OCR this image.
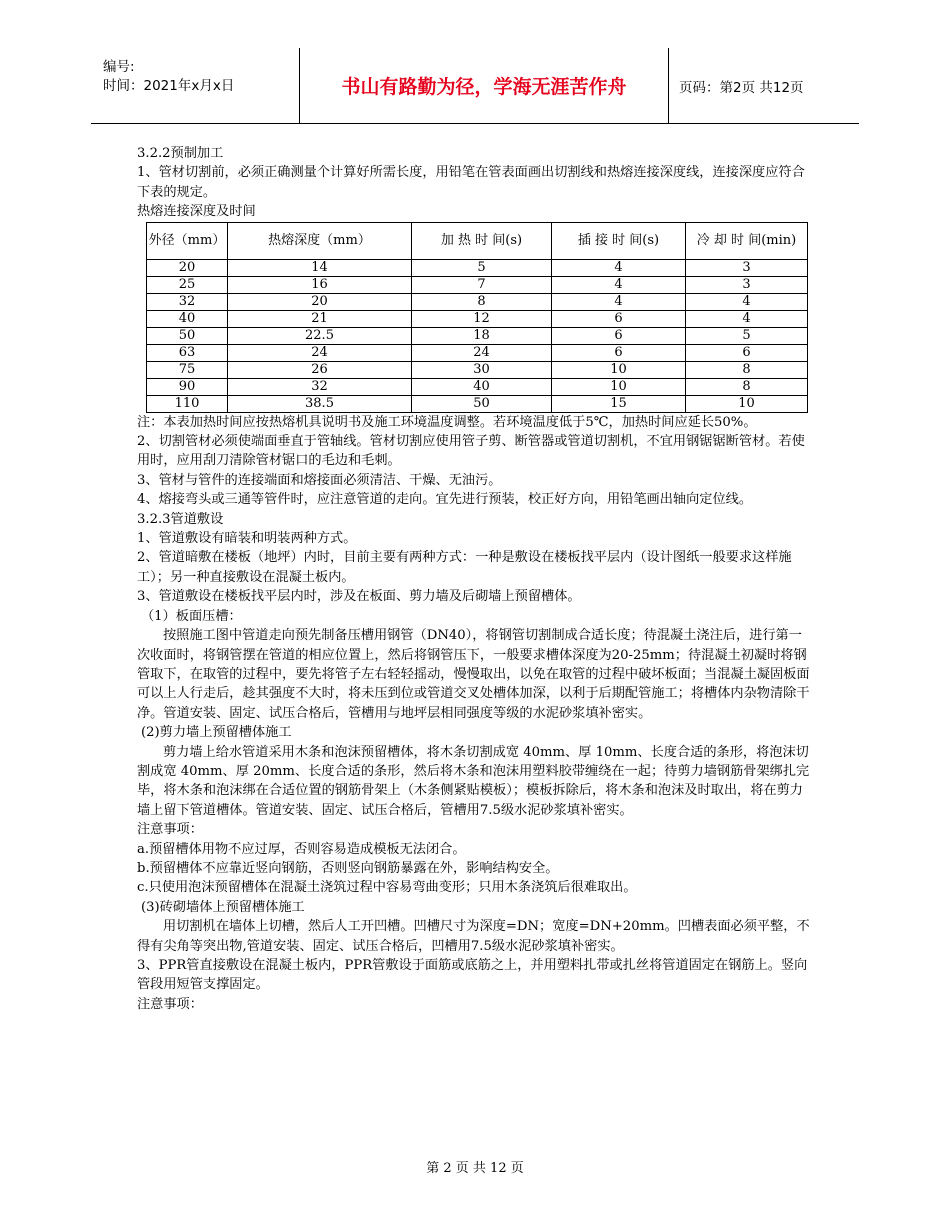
编号:
时间：2021年x月x日	书山有路勤为径，学海无涯苦作舟	页码：第2页 共12页

3.2.2预制加工

1、管材切割前，必须正确测量个计算好所需长度，用铅笔在管表面画出切割线和热熔连接深度线，连接深度应符合 下表的规定。

热熔连接深度及时间

外径（mm）	热熔深度（mm）	加 热 时 间(s)	插 接 时 间(s)	冷 却 时 间(min)
20	14	5	4	3
25	16	7	4	3
32	20	8	4	4
40	21	12	6	4
50	22.5	18	6	5
63	24	24	6	6
75	26	30	10	8
90	32	40	10	8
110	38.5	50	15	10

注：本表加热时间应按热熔机具说明书及施工环境温度调整。若环境温度低于5℃，加热时间应延长50%。

2、切割管材必须使端面垂直于管轴线。管材切割应使用管子剪、断管器或管道切割机，不宜用钢锯锯断管材。若使用时，应用刮刀清除管材锯口的毛边和毛刺。

3、管材与管件的连接端面和熔接面必须清洁、干燥、无油污。

4、熔接弯头或三通等管件时，应注意管道的走向。宜先进行预装，校正好方向，用铅笔画出轴向定位线。

3.2.3管道敷设

1、管道敷设有暗装和明装两种方式。

2、管道暗敷在楼板（地坪）内时，目前主要有两种方式：一种是敷设在楼板找平层内（设计图纸一般要求这样施工）；另一种直接敷设在混凝土板内。

3、管道敷设在楼板找平层内时，涉及在板面、剪力墙及后砌墙上预留槽体。

（1）板面压槽：

按照施工图中管道走向预先制备压槽用钢管（DN40），将钢管切割制成合适长度；待混凝土浇注后，进行第一次收面时，将钢管摆在管道的相应位置上，然后将钢管压下，一般要求槽体深度为20-25mm；待混凝土初凝时将钢管取下，在取管的过程中，要先将管子左右轻轻摇动，慢慢取出，以免在取管的过程中破坏板面；当混凝土凝固板面可以上人行走后，趁其强度不大时，将未压到位或管道交叉处槽体加深，以利于后期配管施工；将槽体内杂物清除干净。管道安装、固定、试压合格后，管槽用与地坪层相同强度等级的水泥砂浆填补密实。

(2)剪力墙上预留槽体施工

剪力墙上给水管道采用木条和泡沫预留槽体，将木条切割成宽 40mm、厚 10mm、长度合适的条形，将泡沫切割成宽 40mm、厚 20mm、长度合适的条形，然后将木条和泡沫用塑料胶带缠绕在一起；待剪力墙钢筋骨架绑扎完毕，将木条和泡沫绑在合适位置的钢筋骨架上（木条侧紧贴模板）；模板拆除后，将木条和泡沫及时取出，将在剪力墙上留下管道槽体。管道安装、固定、试压合格后，管槽用7.5级水泥砂浆填补密实。

注意事项：

a.预留槽体用物不应过厚，否则容易造成模板无法闭合。

b.预留槽体不应靠近竖向钢筋，否则竖向钢筋暴露在外，影响结构安全。

c.只使用泡沫预留槽体在混凝土浇筑过程中容易弯曲变形；只用木条浇筑后很难取出。

(3)砖砌墙体上预留槽体施工

用切割机在墙体上切槽，然后人工开凹槽。凹槽尺寸为深度=DN；宽度=DN+20mm。凹槽表面必须平整，不得有尖角等突出物,管道安装、固定、试压合格后，凹槽用7.5级水泥砂浆填补密实。

3、PPR管直接敷设在混凝土板内，PPR管敷设于面筋或底筋之上，并用塑料扎带或扎丝将管道固定在钢筋上。竖向管段用短管支撑固定。

注意事项：

第 2 页 共 12 页
